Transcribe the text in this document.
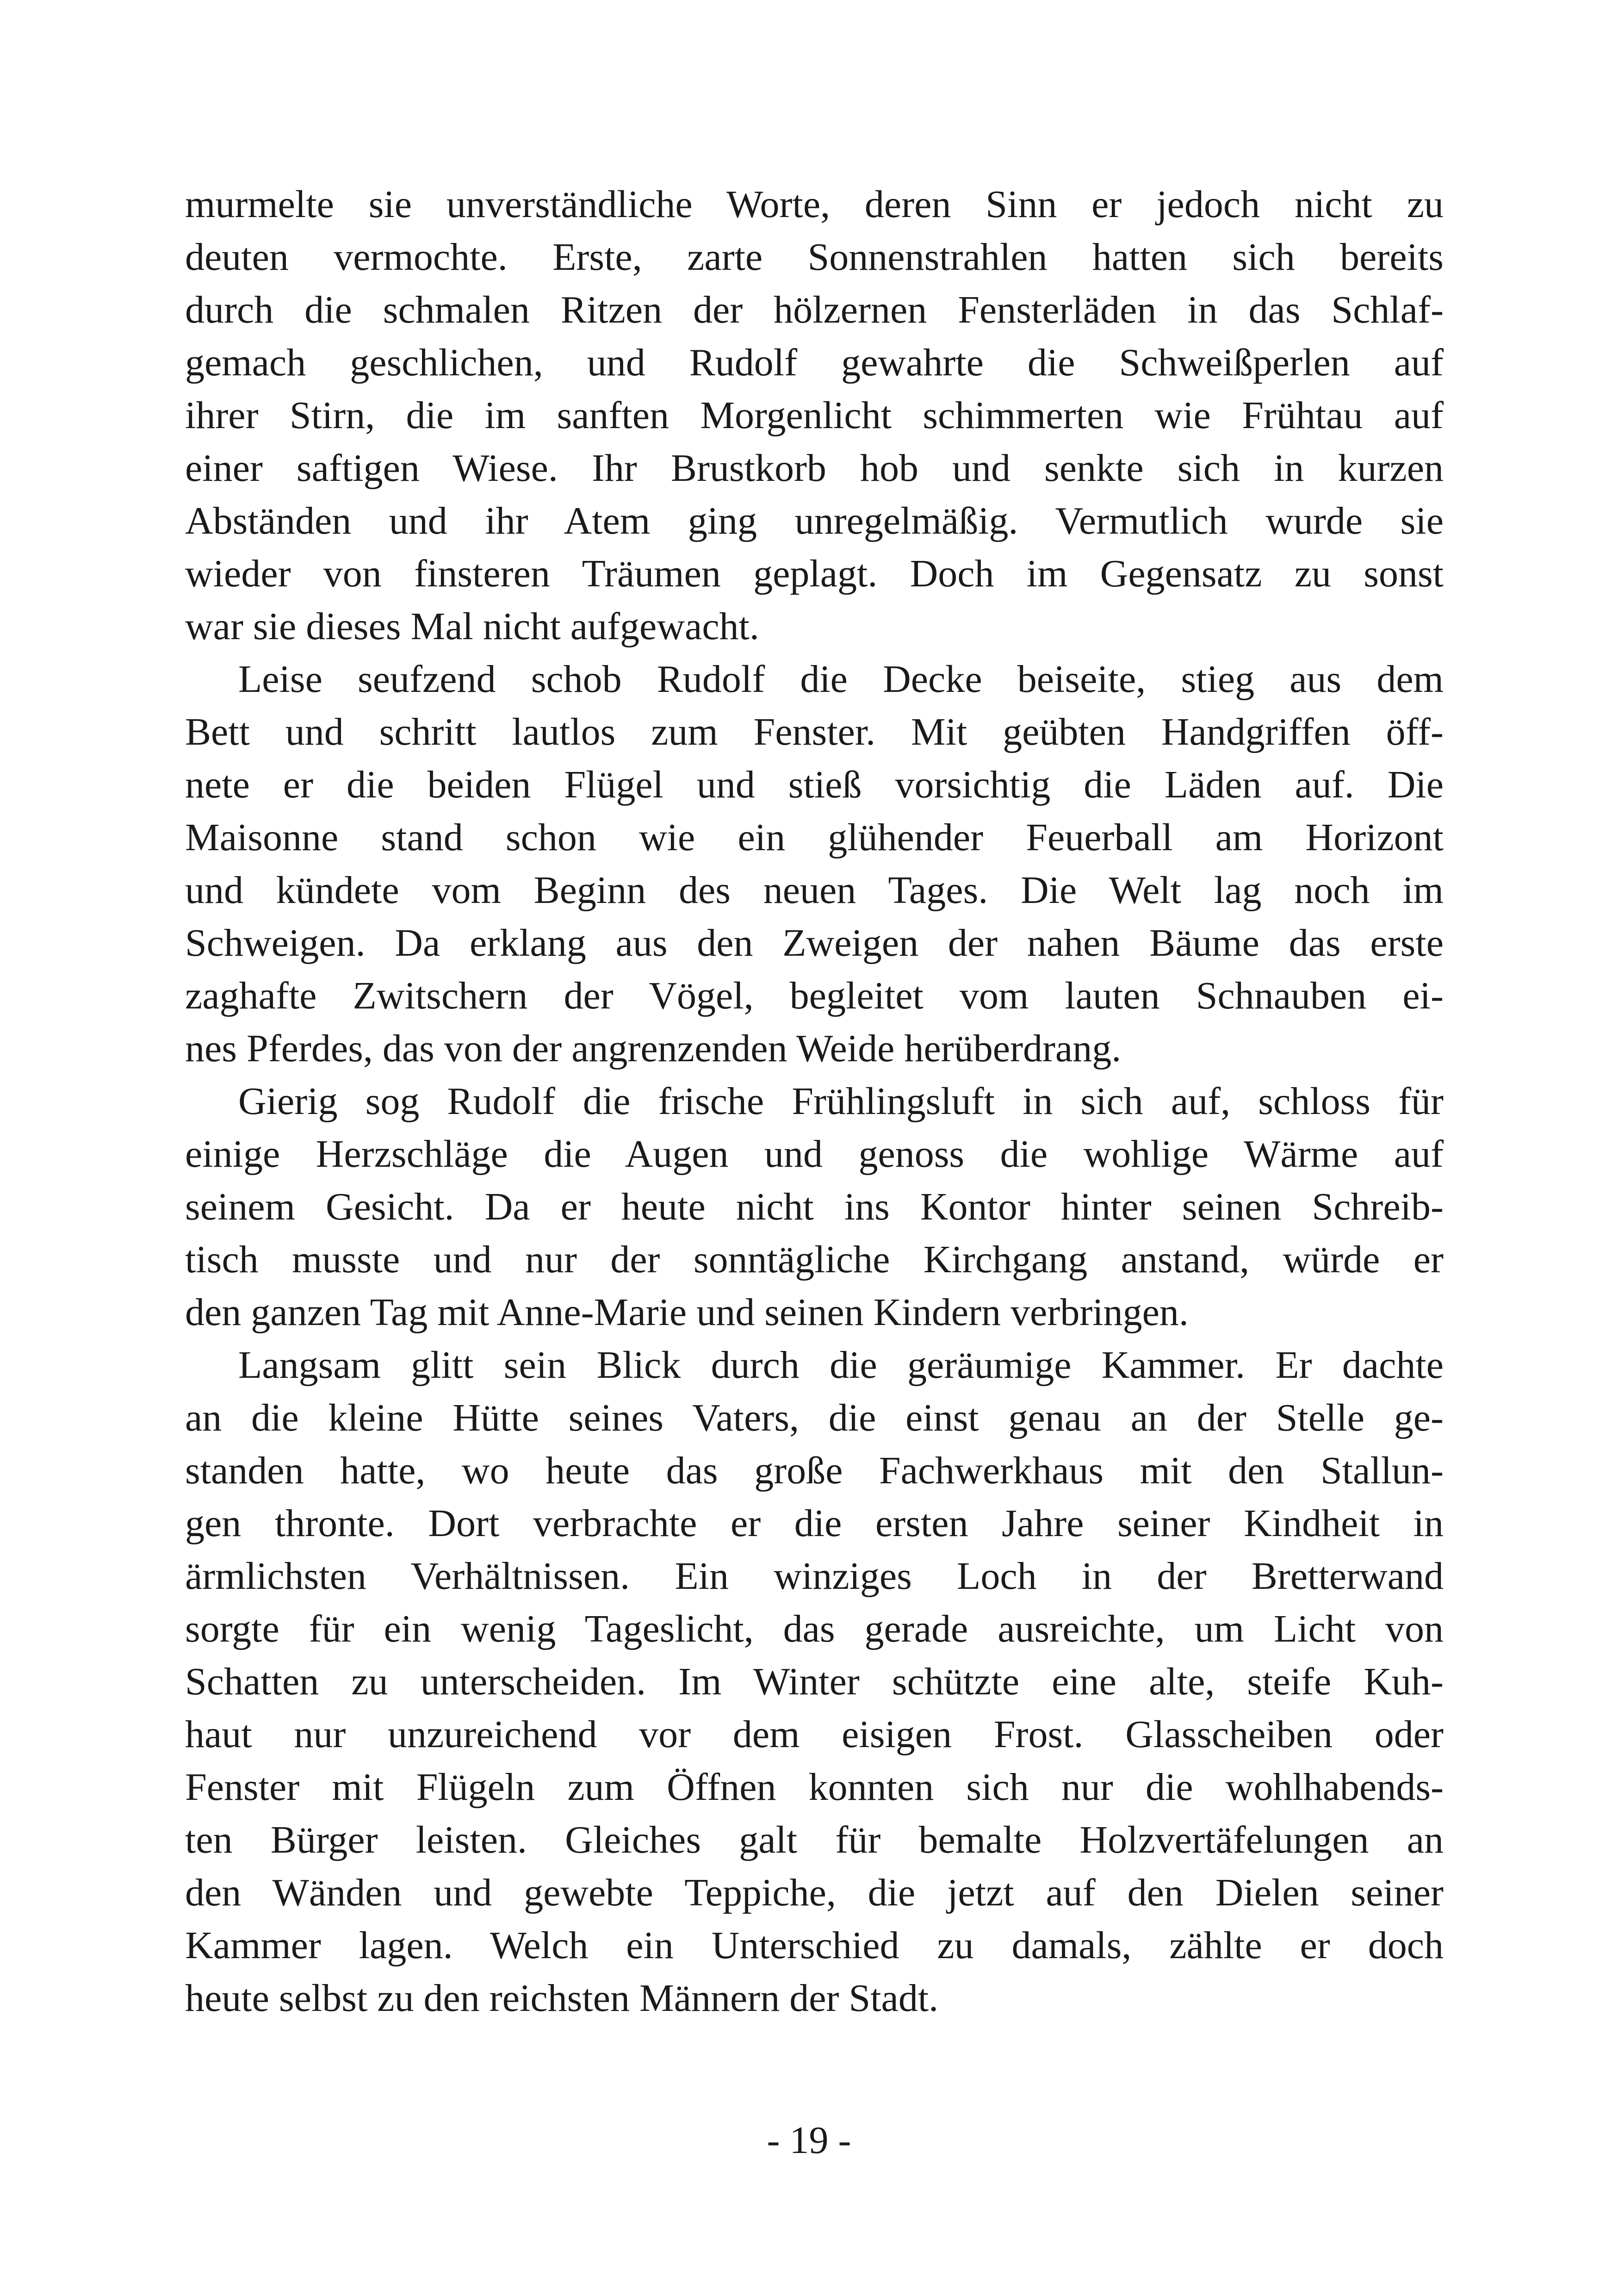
murmelte sie unverständliche Worte, deren Sinn er jedoch nicht zu
deuten vermochte. Erste, zarte Sonnenstrahlen hatten sich bereits
durch die schmalen Ritzen der hölzernen Fensterläden in das Schlaf-
gemach geschlichen, und Rudolf gewahrte die Schweißperlen auf
ihrer Stirn, die im sanften Morgenlicht schimmerten wie Frühtau auf
einer saftigen Wiese. Ihr Brustkorb hob und senkte sich in kurzen
Abständen und ihr Atem ging unregelmäßig. Vermutlich wurde sie
wieder von finsteren Träumen geplagt. Doch im Gegensatz zu sonst
war sie dieses Mal nicht aufgewacht.
Leise seufzend schob Rudolf die Decke beiseite, stieg aus dem
Bett und schritt lautlos zum Fenster. Mit geübten Handgriffen öff-
nete er die beiden Flügel und stieß vorsichtig die Läden auf. Die
Maisonne stand schon wie ein glühender Feuerball am Horizont
und kündete vom Beginn des neuen Tages. Die Welt lag noch im
Schweigen. Da erklang aus den Zweigen der nahen Bäume das erste
zaghafte Zwitschern der Vögel, begleitet vom lauten Schnauben ei-
nes Pferdes, das von der angrenzenden Weide herüberdrang.
Gierig sog Rudolf die frische Frühlingsluft in sich auf, schloss für
einige Herzschläge die Augen und genoss die wohlige Wärme auf
seinem Gesicht. Da er heute nicht ins Kontor hinter seinen Schreib-
tisch musste und nur der sonntägliche Kirchgang anstand, würde er
den ganzen Tag mit Anne-Marie und seinen Kindern verbringen.
Langsam glitt sein Blick durch die geräumige Kammer. Er dachte
an die kleine Hütte seines Vaters, die einst genau an der Stelle ge-
standen hatte, wo heute das große Fachwerkhaus mit den Stallun-
gen thronte. Dort verbrachte er die ersten Jahre seiner Kindheit in
ärmlichsten Verhältnissen. Ein winziges Loch in der Bretterwand
sorgte für ein wenig Tageslicht, das gerade ausreichte, um Licht von
Schatten zu unterscheiden. Im Winter schützte eine alte, steife Kuh-
haut nur unzureichend vor dem eisigen Frost. Glasscheiben oder
Fenster mit Flügeln zum Öffnen konnten sich nur die wohlhabends-
ten Bürger leisten. Gleiches galt für bemalte Holzvertäfelungen an
den Wänden und gewebte Teppiche, die jetzt auf den Dielen seiner
Kammer lagen. Welch ein Unterschied zu damals, zählte er doch
heute selbst zu den reichsten Männern der Stadt.
- 19 -
